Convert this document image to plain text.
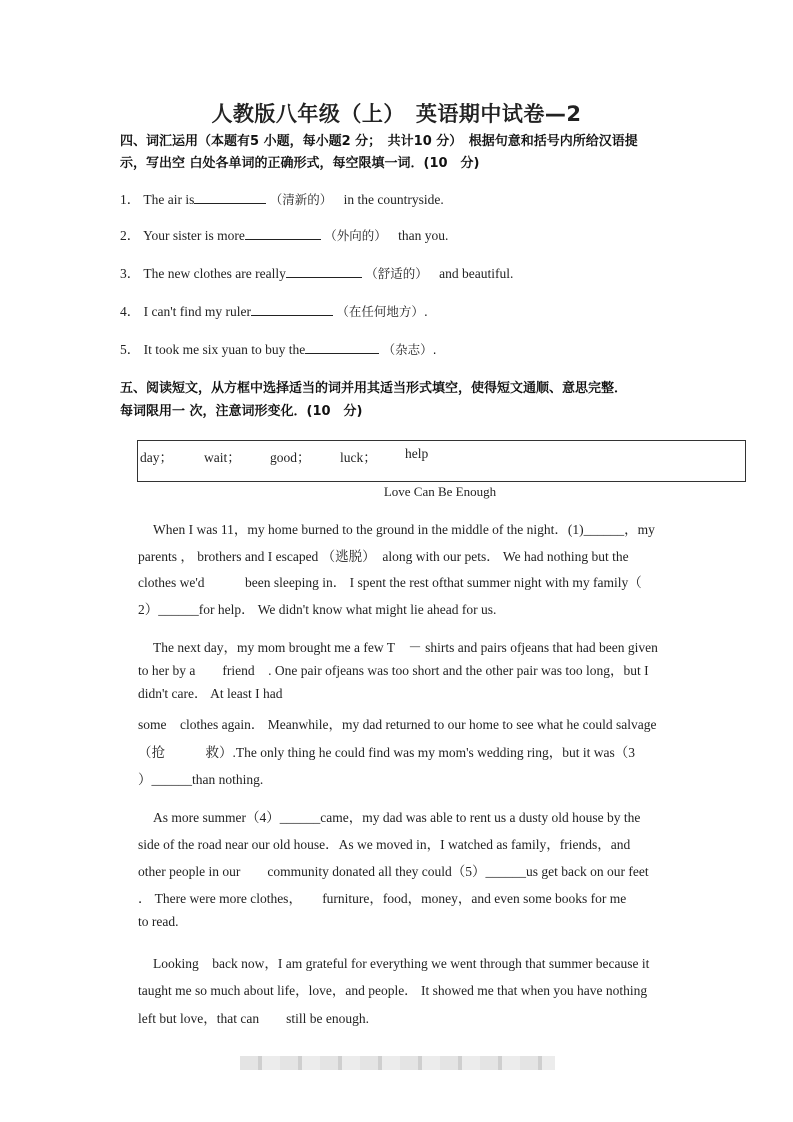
人教版八年级（上）　英语期中试卷—2
四、词汇运用（本题有5 小题，每小题2 分；　共计10 分）　根据句意和括号内所给汉语提
示，写出空 白处各单词的正确形式，每空限填一词．(10　分)
1． The air is	（清新的） in the countryside.
2． Your sister is more	（外向的） than you.
3． The new clothes are really	（舒适的） and beautiful.
4． I can't find my ruler	（在任何地方）.
5． It took me six yuan to buy the	（杂志）.
五、阅读短文，从方框中选择适当的词并用其适当形式填空，使得短文通顺、意思完整．
每词限用一 次，注意词形变化．(10　分)
day； wait； good； luck； help
Love Can Be Enough
When I was 11，my home burned to the ground in the middle of the night．(1)______，my
parents ， brothers and I escaped （逃脱）　along with our pets． We had nothing but the
clothes we'd　　　been sleeping in． I spent the rest ofthat summer night with my family（
2）______for help． We didn't know what might lie ahead for us.
The next day，my mom brought me a few T　－ shirts and pairs ofjeans that had been given
to her by a　　friend　. One pair ofjeans was too short and the other pair was too long，but I
didn't care． At least I had
some　clothes again． Meanwhile，my dad returned to our home to see what he could salvage
（抢　　　救）.The only thing he could find was my mom's wedding ring，but it was（3
）______than nothing.
As more summer（4）______came，my dad was able to rent us a dusty old house by the
side of the road near our old house．As we moved in，I watched as family，friends，and
other people in our　　community donated all they could（5）______us get back on our feet
． There were more clothes，　　furniture，food，money，and even some books for me
to read.
Looking　back now，I am grateful for everything we went through that summer because it
taught me so much about life，love，and people． It showed me that when you have nothing
left but love，that can　　still be enough.
